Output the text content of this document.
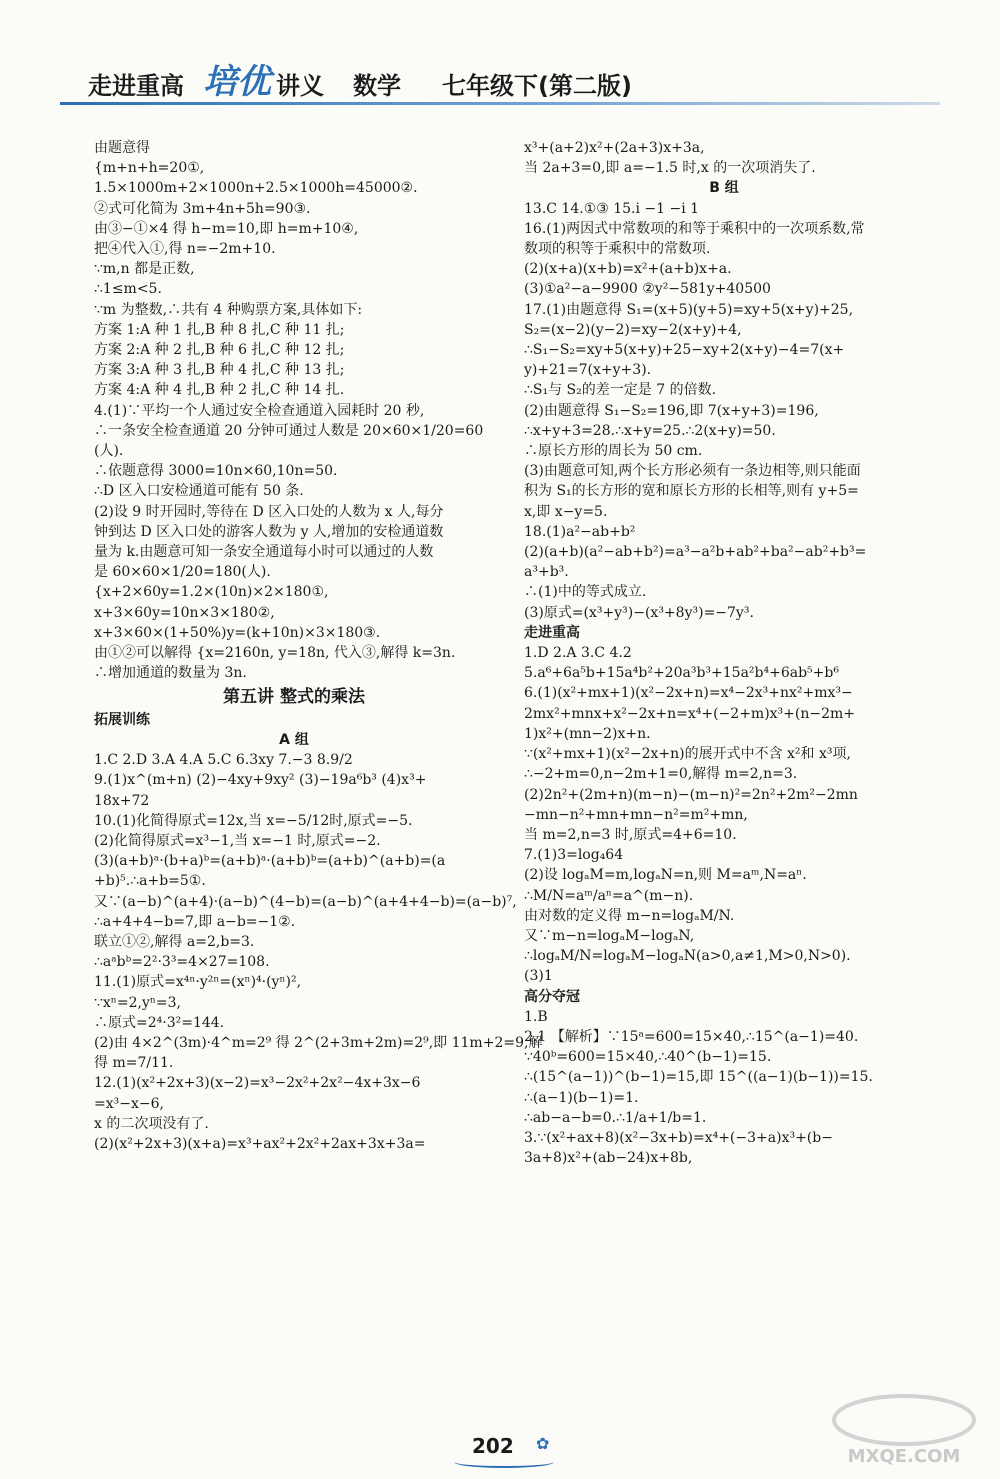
走进重高 培优 讲义 数学 七年级下(第二版)
由题意得
{m+n+h=20①,
1.5×1000m+2×1000n+2.5×1000h=45000②.
②式可化简为 3m+4n+5h=90③.
由③−①×4 得 h−m=10,即 h=m+10④,
把④代入①,得 n=−2m+10.
∵m,n 都是正数,
∴1≤m<5.
∵m 为整数,∴共有 4 种购票方案,具体如下:
方案 1:A 种 1 扎,B 种 8 扎,C 种 11 扎;
方案 2:A 种 2 扎,B 种 6 扎,C 种 12 扎;
方案 3:A 种 3 扎,B 种 4 扎,C 种 13 扎;
方案 4:A 种 4 扎,B 种 2 扎,C 种 14 扎.
4.(1)∵平均一个人通过安全检查通道入园耗时 20 秒,
∴一条安全检查通道 20 分钟可通过人数是 20×60×1/20=60
(人).
∴依题意得 3000=10n×60,10n=50.
∴D 区入口安检通道可能有 50 条.
(2)设 9 时开园时,等待在 D 区入口处的人数为 x 人,每分
钟到达 D 区入口处的游客人数为 y 人,增加的安检通道数
量为 k.由题意可知一条安全通道每小时可以通过的人数
是 60×60×1/20=180(人).
{x+2×60y=1.2×(10n)×2×180①,
x+3×60y=10n×3×180②,
x+3×60×(1+50%)y=(k+10n)×3×180③.
由①②可以解得 {x=2160n, y=18n, 代入③,解得 k=3n.
∴增加通道的数量为 3n.
第五讲 整式的乘法
拓展训练
A 组
1.C 2.D 3.A 4.A 5.C 6.3xy 7.−3 8.9/2
9.(1)x^(m+n) (2)−4xy+9xy² (3)−19a⁶b³ (4)x³+
18x+72
10.(1)化简得原式=12x,当 x=−5/12时,原式=−5.
(2)化简得原式=x³−1,当 x=−1 时,原式=−2.
(3)(a+b)ᵃ·(b+a)ᵇ=(a+b)ᵃ·(a+b)ᵇ=(a+b)^(a+b)=(a
+b)⁵.∴a+b=5①.
又∵(a−b)^(a+4)·(a−b)^(4−b)=(a−b)^(a+4+4−b)=(a−b)⁷,
∴a+4+4−b=7,即 a−b=−1②.
联立①②,解得 a=2,b=3.
∴aᵃbᵇ=2²·3³=4×27=108.
11.(1)原式=x⁴ⁿ·y²ⁿ=(xⁿ)⁴·(yⁿ)²,
∵xⁿ=2,yⁿ=3,
∴原式=2⁴·3²=144.
(2)由 4×2^(3m)·4^m=2⁹ 得 2^(2+3m+2m)=2⁹,即 11m+2=9,解
得 m=7/11.
12.(1)(x²+2x+3)(x−2)=x³−2x²+2x²−4x+3x−6
=x³−x−6,
x 的二次项没有了.
(2)(x²+2x+3)(x+a)=x³+ax²+2x²+2ax+3x+3a=
x³+(a+2)x²+(2a+3)x+3a,
当 2a+3=0,即 a=−1.5 时,x 的一次项消失了.
B 组
13.C 14.①③ 15.i −1 −i 1
16.(1)两因式中常数项的和等于乘积中的一次项系数,常
数项的积等于乘积中的常数项.
(2)(x+a)(x+b)=x²+(a+b)x+a.
(3)①a²−a−9900 ②y²−581y+40500
17.(1)由题意得 S₁=(x+5)(y+5)=xy+5(x+y)+25,
S₂=(x−2)(y−2)=xy−2(x+y)+4,
∴S₁−S₂=xy+5(x+y)+25−xy+2(x+y)−4=7(x+
y)+21=7(x+y+3).
∴S₁与 S₂的差一定是 7 的倍数.
(2)由题意得 S₁−S₂=196,即 7(x+y+3)=196,
∴x+y+3=28.∴x+y=25.∴2(x+y)=50.
∴原长方形的周长为 50 cm.
(3)由题意可知,两个长方形必须有一条边相等,则只能面
积为 S₁的长方形的宽和原长方形的长相等,则有 y+5=
x,即 x−y=5.
18.(1)a²−ab+b²
(2)(a+b)(a²−ab+b²)=a³−a²b+ab²+ba²−ab²+b³=
a³+b³.
∴(1)中的等式成立.
(3)原式=(x³+y³)−(x³+8y³)=−7y³.
走进重高
1.D 2.A 3.C 4.2
5.a⁶+6a⁵b+15a⁴b²+20a³b³+15a²b⁴+6ab⁵+b⁶
6.(1)(x²+mx+1)(x²−2x+n)=x⁴−2x³+nx²+mx³−
2mx²+mnx+x²−2x+n=x⁴+(−2+m)x³+(n−2m+
1)x²+(mn−2)x+n.
∵(x²+mx+1)(x²−2x+n)的展开式中不含 x²和 x³项,
∴−2+m=0,n−2m+1=0,解得 m=2,n=3.
(2)2n²+(2m+n)(m−n)−(m−n)²=2n²+2m²−2mn
−mn−n²+mn+mn−n²=m²+mn,
当 m=2,n=3 时,原式=4+6=10.
7.(1)3=log₄64
(2)设 logₐM=m,logₐN=n,则 M=aᵐ,N=aⁿ.
∴M/N=aᵐ/aⁿ=a^(m−n).
由对数的定义得 m−n=logₐM/N.
又∵m−n=logₐM−logₐN,
∴logₐM/N=logₐM−logₐN(a>0,a≠1,M>0,N>0).
(3)1
高分夺冠
1.B
2.1 【解析】∵15ᵃ=600=15×40,∴15^(a−1)=40.
∵40ᵇ=600=15×40,∴40^(b−1)=15.
∴(15^(a−1))^(b−1)=15,即 15^((a−1)(b−1))=15.
∴(a−1)(b−1)=1.
∴ab−a−b=0.∴1/a+1/b=1.
3.∵(x²+ax+8)(x²−3x+b)=x⁴+(−3+a)x³+(b−
3a+8)x²+(ab−24)x+8b,
202 ✿
MXQE.COM
